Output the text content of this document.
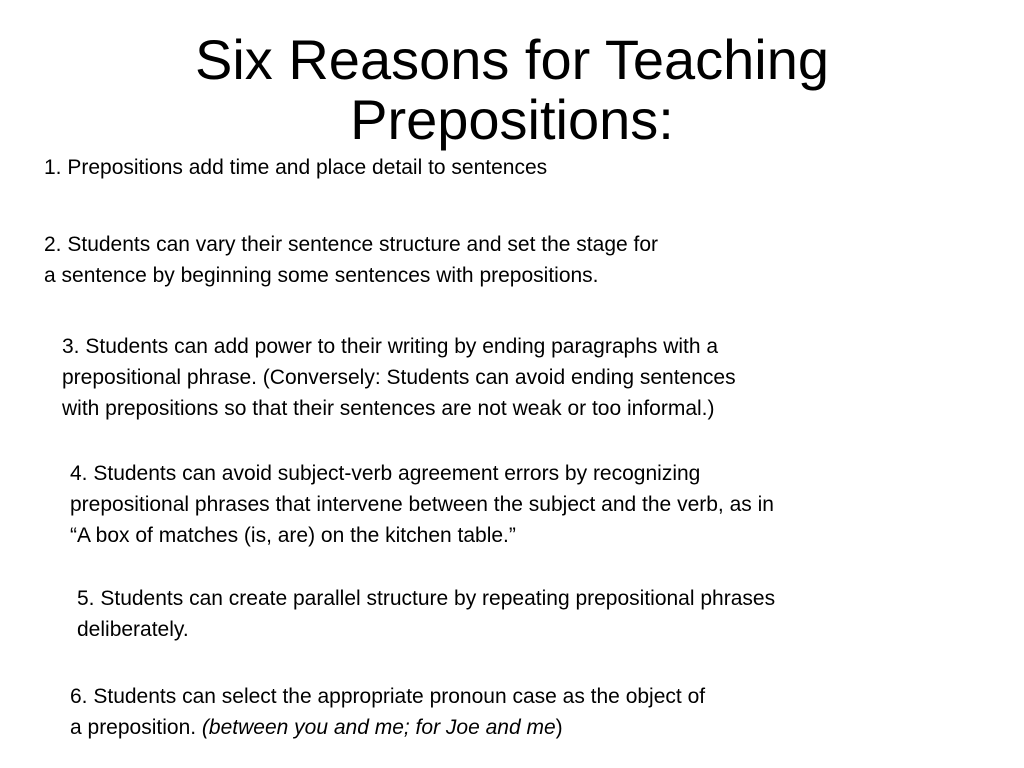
Six Reasons for Teaching
Prepositions:

1. Prepositions add time and place detail to sentences

2. Students can vary their sentence structure and set the stage for
a sentence by beginning some sentences with prepositions.

3. Students can add power to their writing by ending paragraphs with a
prepositional phrase. (Conversely: Students can avoid ending sentences
with prepositions so that their sentences are not weak or too informal.)

4. Students can avoid subject-verb agreement errors by recognizing
prepositional phrases that intervene between the subject and the verb, as in
“A box of matches (is, are) on the kitchen table.”

5. Students can create parallel structure by repeating prepositional phrases
deliberately.

6. Students can select the appropriate pronoun case as the object of
a preposition. (between you and me; for Joe and me)
